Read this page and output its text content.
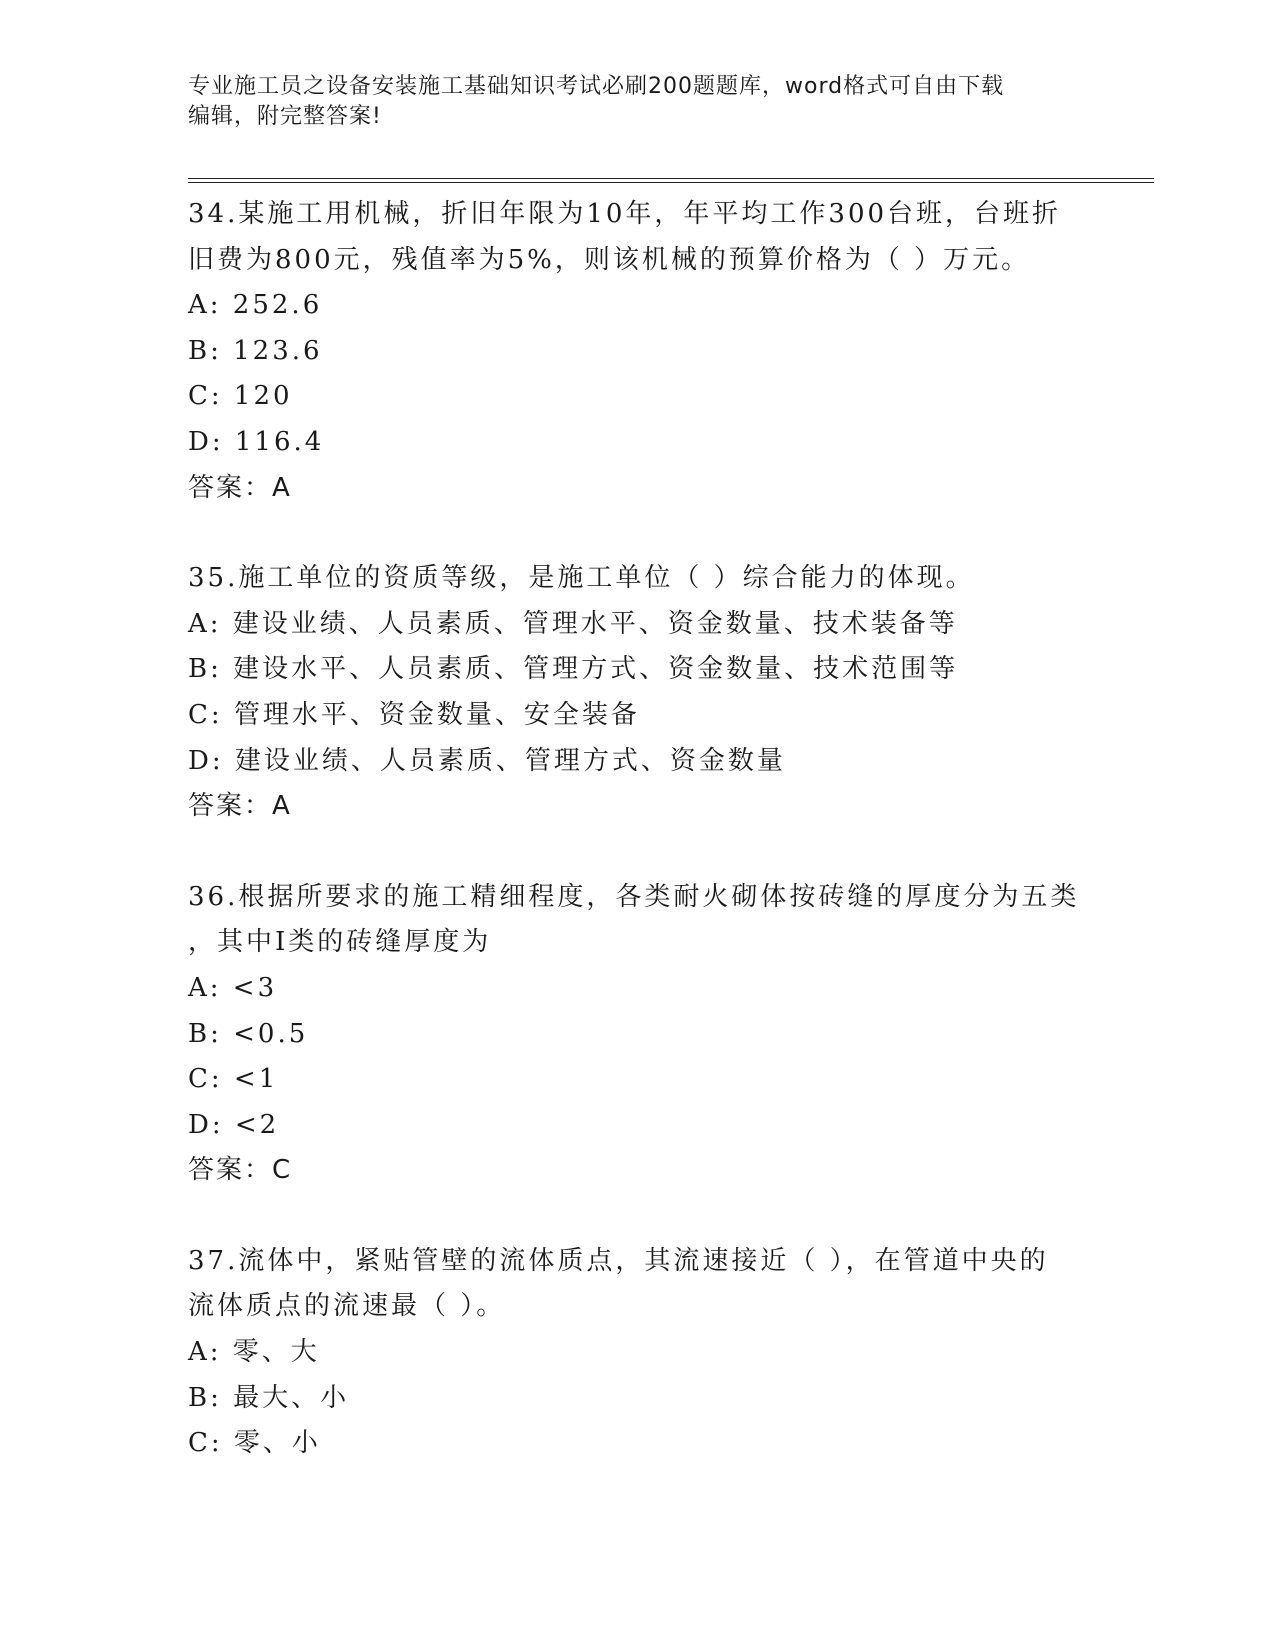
专业施工员之设备安装施工基础知识考试必刷200题题库，word格式可自由下载
编辑，附完整答案!
34.某施工用机械，折旧年限为10年，年平均工作300台班，台班折
旧费为800元，残值率为5%，则该机械的预算价格为（ ）万元。
A: 252.6
B: 123.6
C: 120
D: 116.4
答案：A
35.施工单位的资质等级，是施工单位（ ）综合能力的体现。
A: 建设业绩、人员素质、管理水平、资金数量、技术装备等
B: 建设水平、人员素质、管理方式、资金数量、技术范围等
C: 管理水平、资金数量、安全装备
D: 建设业绩、人员素质、管理方式、资金数量
答案：A
36.根据所要求的施工精细程度，各类耐火砌体按砖缝的厚度分为五类
，其中I类的砖缝厚度为
A: <3
B: <0.5
C: <1
D: <2
答案：C
37.流体中，紧贴管壁的流体质点，其流速接近（ ），在管道中央的
流体质点的流速最（ ）。
A: 零、大
B: 最大、小
C: 零、小
